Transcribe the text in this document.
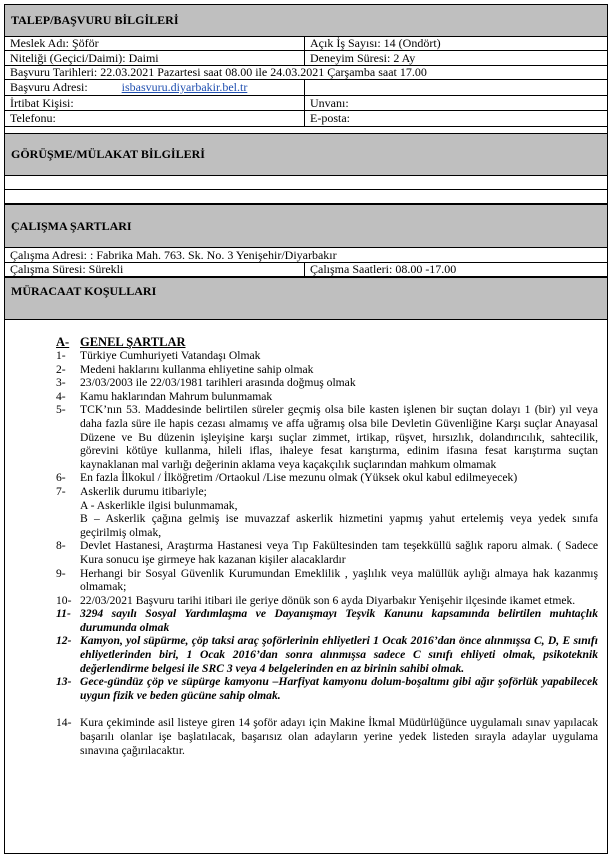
TALEP/BAŞVURU BİLGİLERİ
Meslek Adı: Şöför	Açık İş Sayısı: 14 (Ondört)
Niteliği (Geçici/Daimi): Daimi	Deneyim Süresi: 2 Ay
Başvuru Tarihleri: 22.03.2021 Pazartesi saat 08.00 ile 24.03.2021 Çarşamba saat 17.00
Başvuru Adresi:	isbasvuru.diyarbakir.bel.tr
İrtibat Kişisi:	Unvanı:
Telefonu:	E-posta:
GÖRÜŞME/MÜLAKAT BİLGİLERİ
ÇALIŞMA ŞARTLARI
Çalışma Adresi: : Fabrika Mah. 763. Sk. No. 3 Yenişehir/Diyarbakır
Çalışma Süresi: Sürekli	Çalışma Saatleri: 08.00 -17.00
MÜRACAAT KOŞULLARI
A- GENEL ŞARTLAR
1-	Türkiye Cumhuriyeti Vatandaşı Olmak
2-	Medeni haklarını kullanma ehliyetine sahip olmak
3-	23/03/2003 ile 22/03/1981 tarihleri arasında doğmuş olmak
4-	Kamu haklarından Mahrum bulunmamak
5-	TCK’nın 53. Maddesinde belirtilen süreler geçmiş olsa bile kasten işlenen bir suçtan dolayı 1 (bir) yıl veya daha fazla süre ile hapis cezası almamış ve affa uğramış olsa bile Devletin Güvenliğine Karşı suçlar Anayasal Düzene ve Bu düzenin işleyişine karşı suçlar zimmet, irtikap, rüşvet, hırsızlık, dolandırıcılık, sahtecilik, görevini kötüye kullanma, hileli iflas, ihaleye fesat karıştırma, edinim ifasına fesat karıştırma suçtan kaynaklanan mal varlığı değerinin aklama veya kaçakçılık suçlarından mahkum olmamak
6-	En fazla İlkokul / İlköğretim /Ortaokul /Lise mezunu olmak (Yüksek okul kabul edilmeyecek)
7-	Askerlik durumu itibariyle;
A - Askerlikle ilgisi bulunmamak,
B – Askerlik çağına gelmiş ise muvazzaf askerlik hizmetini yapmış yahut ertelemiş veya yedek sınıfa geçirilmiş olmak,
8-	Devlet Hastanesi, Araştırma Hastanesi veya Tıp Fakültesinden tam teşekküllü sağlık raporu almak. ( Sadece Kura sonucu işe girmeye hak kazanan kişiler alacaklardır
9-	Herhangi bir Sosyal Güvenlik Kurumundan Emeklilik , yaşlılık veya malüllük aylığı almaya hak kazanmış olmamak;
10- 22/03/2021 Başvuru tarihi itibari ile geriye dönük son 6 ayda Diyarbakır Yenişehir ilçesinde ikamet etmek.
11- 3294 sayılı Sosyal Yardımlaşma ve Dayanışmayı Teşvik Kanunu kapsamında belirtilen muhtaçlık durumunda olmak
12- Kamyon, yol süpürme, çöp taksi araç şoförlerinin ehliyetleri 1 Ocak 2016’dan önce alınmışsa C, D, E sınıfı ehliyetlerinden biri, 1 Ocak 2016’dan sonra alınmışsa sadece C sınıfı ehliyeti olmak, psikoteknik değerlendirme belgesi ile SRC 3 veya 4 belgelerinden en az birinin sahibi olmak.
13- Gece-gündüz çöp ve süpürge kamyonu –Harfiyat kamyonu dolum-boşaltımı gibi ağır şoförlük yapabilecek uygun fizik ve beden gücüne sahip olmak.
14- Kura çekiminde asil listeye giren 14 şoför adayı için Makine İkmal Müdürlüğünce uygulamalı sınav yapılacak başarılı olanlar işe başlatılacak, başarısız olan adayların yerine yedek listeden sırayla adaylar uygulama sınavına çağırılacaktır.
